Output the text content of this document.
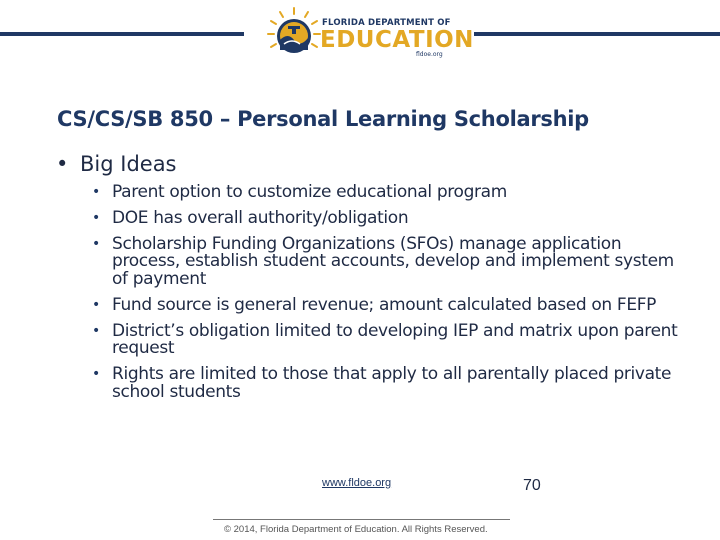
FLORIDA DEPARTMENT OF
EDUCATION
fldoe.org
CS/CS/SB 850 – Personal Learning Scholarship
• Big Ideas
• Parent option to customize educational program
• DOE has overall authority/obligation
• Scholarship Funding Organizations (SFOs) manage application process, establish student accounts, develop and implement system of payment
• Fund source is general revenue; amount calculated based on FEFP
• District’s obligation limited to developing IEP and matrix upon parent request
• Rights are limited to those that apply to all parentally placed private school students
www.fldoe.org
© 2014, Florida Department of Education. All Rights Reserved.
70
